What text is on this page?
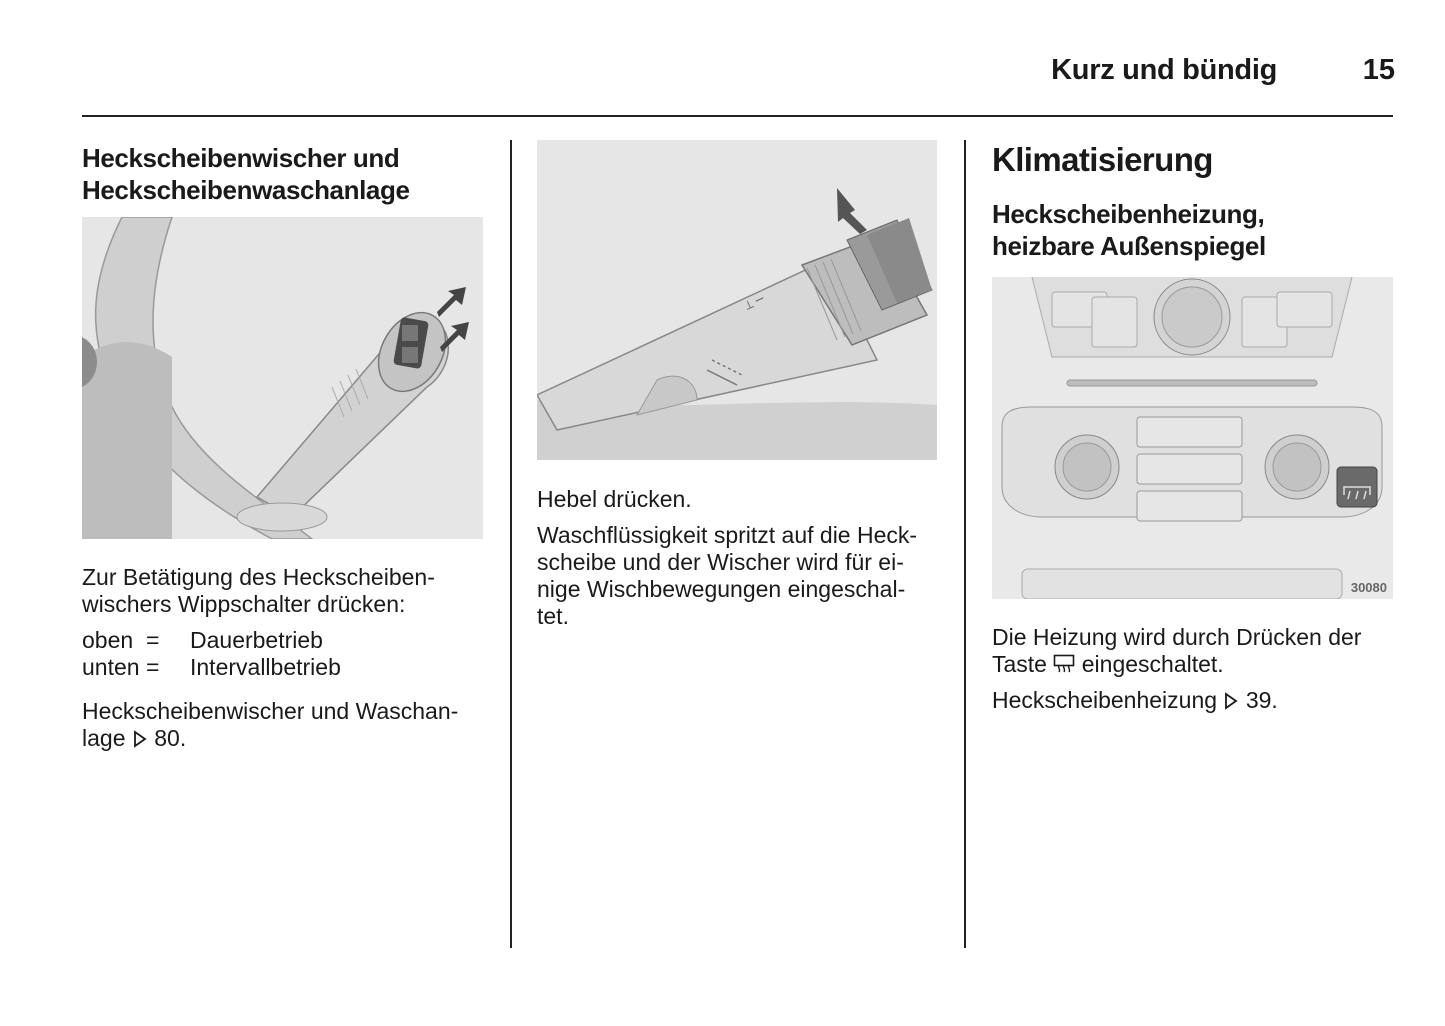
Kurz und bündig	15
Heckscheibenwischer und
Heckscheibenwaschanlage

Zur Betätigung des Heckscheiben-
wischers Wippschalter drücken:

oben =	Dauerbetrieb
unten =	Intervallbetrieb

Heckscheibenwischer und Waschan-
lage 80.

⟂ ⚊

Hebel drücken.

Waschflüssigkeit spritzt auf die Heck-
scheibe und der Wischer wird für ei-
nige Wischbewegungen eingeschal-
tet.

Klimatisierung
Heckscheibenheizung,
heizbare Außenspiegel
30080

Die Heizung wird durch Drücken der
Taste eingeschaltet.

Heckscheibenheizung 39.
